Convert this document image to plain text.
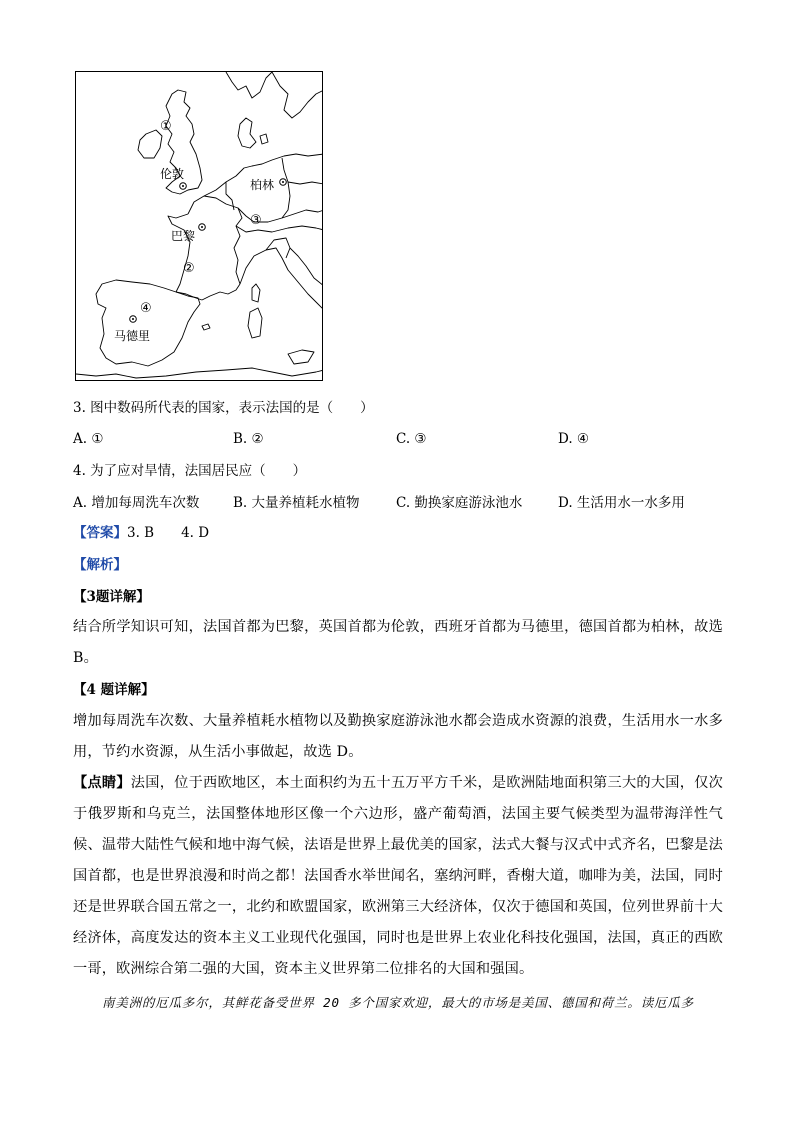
伦敦
柏林
巴黎
马德里
①
③
②
④
3. 图中数码所代表的国家，表示法国的是（　　）
A. ①	B. ②	C. ③	D. ④
4. 为了应对旱情，法国居民应（　　）
A. 增加每周洗车次数 B. 大量养植耗水植物	C. 勤换家庭游泳池水	D. 生活用水一水多用
【答案】3. B　　4. D
【解析】
【3题详解】
结合所学知识可知，法国首都为巴黎，英国首都为伦敦，西班牙首都为马德里，德国首都为柏林，故选B。
【4 题详解】
增加每周洗车次数、大量养植耗水植物以及勤换家庭游泳池水都会造成水资源的浪费，生活用水一水多用，节约水资源，从生活小事做起，故选 D。
【点睛】法国，位于西欧地区，本土面积约为五十五万平方千米，是欧洲陆地面积第三大的大国，仅次于俄罗斯和乌克兰，法国整体地形区像一个六边形，盛产葡萄酒，法国主要气候类型为温带海洋性气候、温带大陆性气候和地中海气候，法语是世界上最优美的国家，法式大餐与汉式中式齐名，巴黎是法国首都，也是世界浪漫和时尚之都！法国香水举世闻名，塞纳河畔，香榭大道，咖啡为美，法国，同时还是世界联合国五常之一，北约和欧盟国家，欧洲第三大经济体，仅次于德国和英国，位列世界前十大经济体，高度发达的资本主义工业现代化强国，同时也是世界上农业化科技化强国，法国，真正的西欧一哥，欧洲综合第二强的大国，资本主义世界第二位排名的大国和强国。
南美洲的厄瓜多尔，其鲜花备受世界 20 多个国家欢迎，最大的市场是美国、德国和荷兰。读厄瓜多
